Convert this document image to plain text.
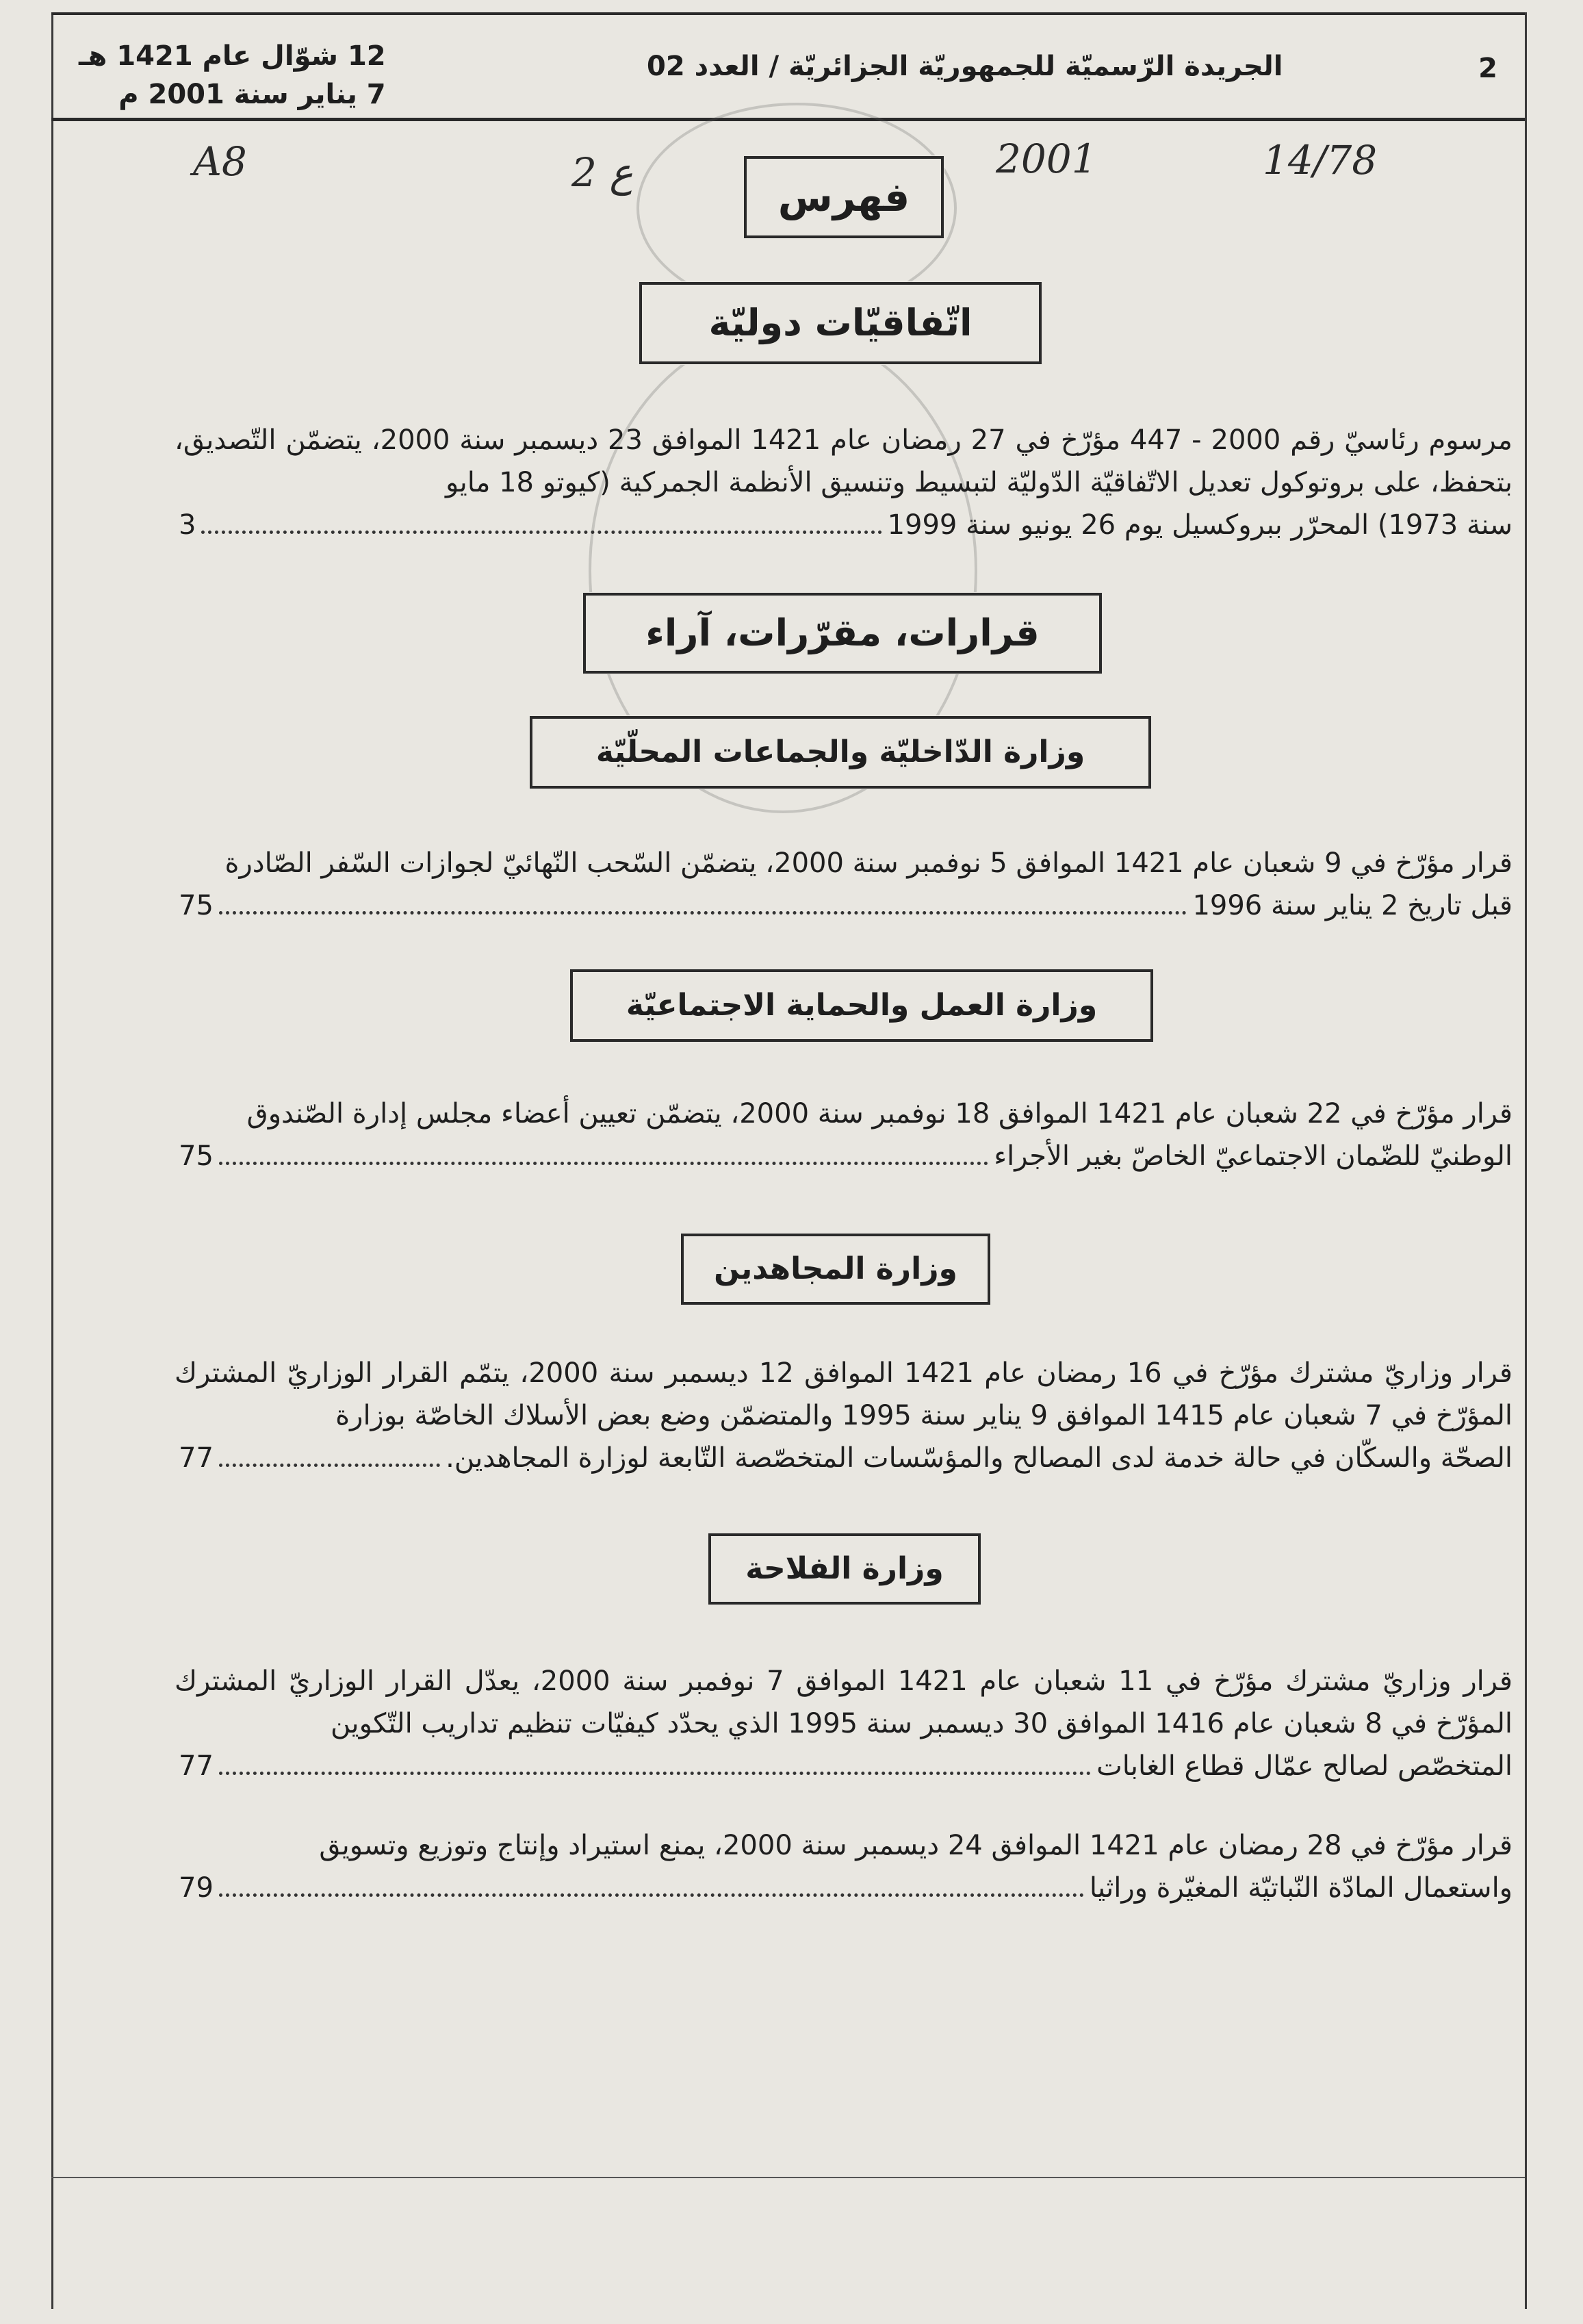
2
الجريدة الرّسميّة للجمهوريّة الجزائريّة / العدد 02
12 شوّال عام 1421 هـ
7 يناير سنة 2001 م
A8	2 ع	2001	14/78
فهرس
اتّفاقيّات دوليّة

مرسوم رئاسيّ رقم 2000 - 447 مؤرّخ في 27 رمضان عام 1421 الموافق 23 ديسمبر سنة 2000، يتضمّن التّصديق، بتحفظ، على بروتوكول تعديل الاتّفاقيّة الدّوليّة لتبسيط وتنسيق الأنظمة الجمركية (كيوتو 18 مايو

سنة 1973) المحرّر ببروكسيل يوم 26 يونيو سنة 1999
3
قرارات، مقرّرات، آراء
وزارة الدّاخليّة والجماعات المحلّيّة

قرار مؤرّخ في 9 شعبان عام 1421 الموافق 5 نوفمبر سنة 2000، يتضمّن السّحب النّهائيّ لجوازات السّفر الصّادرة

قبل تاريخ 2 يناير سنة 1996
75
وزارة العمل والحماية الاجتماعيّة

قرار مؤرّخ في 22 شعبان عام 1421 الموافق 18 نوفمبر سنة 2000، يتضمّن تعيين أعضاء مجلس إدارة الصّندوق

الوطنيّ للضّمان الاجتماعيّ الخاصّ بغير الأجراء
75
وزارة المجاهدين

قرار وزاريّ مشترك مؤرّخ في 16 رمضان عام 1421 الموافق 12 ديسمبر سنة 2000، يتمّم القرار الوزاريّ المشترك المؤرّخ في 7 شعبان عام 1415 الموافق 9 يناير سنة 1995 والمتضمّن وضع بعض الأسلاك الخاصّة بوزارة

الصحّة والسكّان في حالة خدمة لدى المصالح والمؤسّسات المتخصّصة التّابعة لوزارة المجاهدين.
77
وزارة الفلاحة

قرار وزاريّ مشترك مؤرّخ في 11 شعبان عام 1421 الموافق 7 نوفمبر سنة 2000، يعدّل القرار الوزاريّ المشترك المؤرّخ في 8 شعبان عام 1416 الموافق 30 ديسمبر سنة 1995 الذي يحدّد كيفيّات تنظيم تداريب التّكوين

المتخصّص لصالح عمّال قطاع الغابات
77

قرار مؤرّخ في 28 رمضان عام 1421 الموافق 24 ديسمبر سنة 2000، يمنع استيراد وإنتاج وتوزيع وتسويق

واستعمال المادّة النّباتيّة المغيّرة وراثيا
79
